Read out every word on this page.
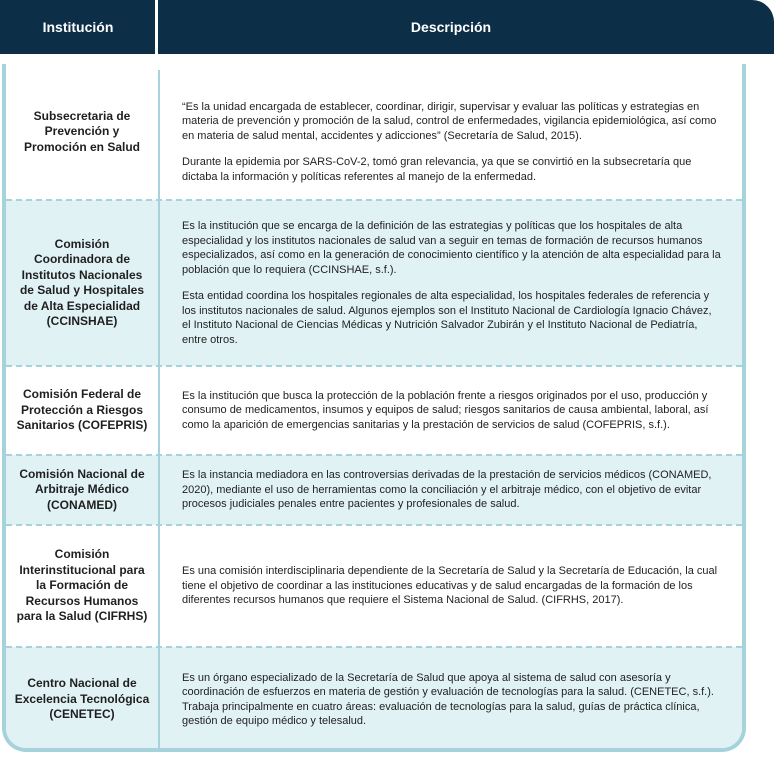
Institución	Descripción
Subsecretaria de Prevención y Promoción en Salud

“Es la unidad encargada de establecer, coordinar, dirigir, supervisar y evaluar las políticas y estrategias en materia de prevención y promoción de la salud, control de enfermedades, vigilancia epidemiológica, así como en materia de salud mental, accidentes y adicciones” (Secretaría de Salud, 2015).

Durante la epidemia por SARS-CoV-2, tomó gran relevancia, ya que se convirtió en la subsecretaría que dictaba la información y políticas referentes al manejo de la enfermedad.

Comisión Coordinadora de Institutos Nacionales de Salud y Hospitales de Alta Especialidad (CCINSHAE)

Es la institución que se encarga de la definición de las estrategias y políticas que los hospitales de alta especialidad y los institutos nacionales de salud van a seguir en temas de formación de recursos humanos especializados, así como en la generación de conocimiento científico y la atención de alta especialidad para la población que lo requiera (CCINSHAE, s.f.).

Esta entidad coordina los hospitales regionales de alta especialidad, los hospitales federales de referencia y los institutos nacionales de salud. Algunos ejemplos son el Instituto Nacional de Cardiología Ignacio Chávez, el Instituto Nacional de Ciencias Médicas y Nutrición Salvador Zubirán y el Instituto Nacional de Pediatría, entre otros.

Comisión Federal de Protección a Riesgos Sanitarios (COFEPRIS)

Es la institución que busca la protección de la población frente a riesgos originados por el uso, producción y consumo de medicamentos, insumos y equipos de salud; riesgos sanitarios de causa ambiental, laboral, así como la aparición de emergencias sanitarias y la prestación de servicios de salud (COFEPRIS, s.f.).

Comisión Nacional de Arbitraje Médico (CONAMED)

Es la instancia mediadora en las controversias derivadas de la prestación de servicios médicos (CONAMED, 2020), mediante el uso de herramientas como la conciliación y el arbitraje médico, con el objetivo de evitar procesos judiciales penales entre pacientes y profesionales de salud.

Comisión Interinstitucional para la Formación de Recursos Humanos para la Salud (CIFRHS)

Es una comisión interdisciplinaria dependiente de la Secretaría de Salud y la Secretaría de Educación, la cual tiene el objetivo de coordinar a las instituciones educativas y de salud encargadas de la formación de los diferentes recursos humanos que requiere el Sistema Nacional de Salud. (CIFRHS, 2017).

Centro Nacional de Excelencia Tecnológica (CENETEC)

Es un órgano especializado de la Secretaría de Salud que apoya al sistema de salud con asesoría y coordinación de esfuerzos en materia de gestión y evaluación de tecnologías para la salud. (CENETEC, s.f.). Trabaja principalmente en cuatro áreas: evaluación de tecnologías para la salud, guías de práctica clínica, gestión de equipo médico y telesalud.
